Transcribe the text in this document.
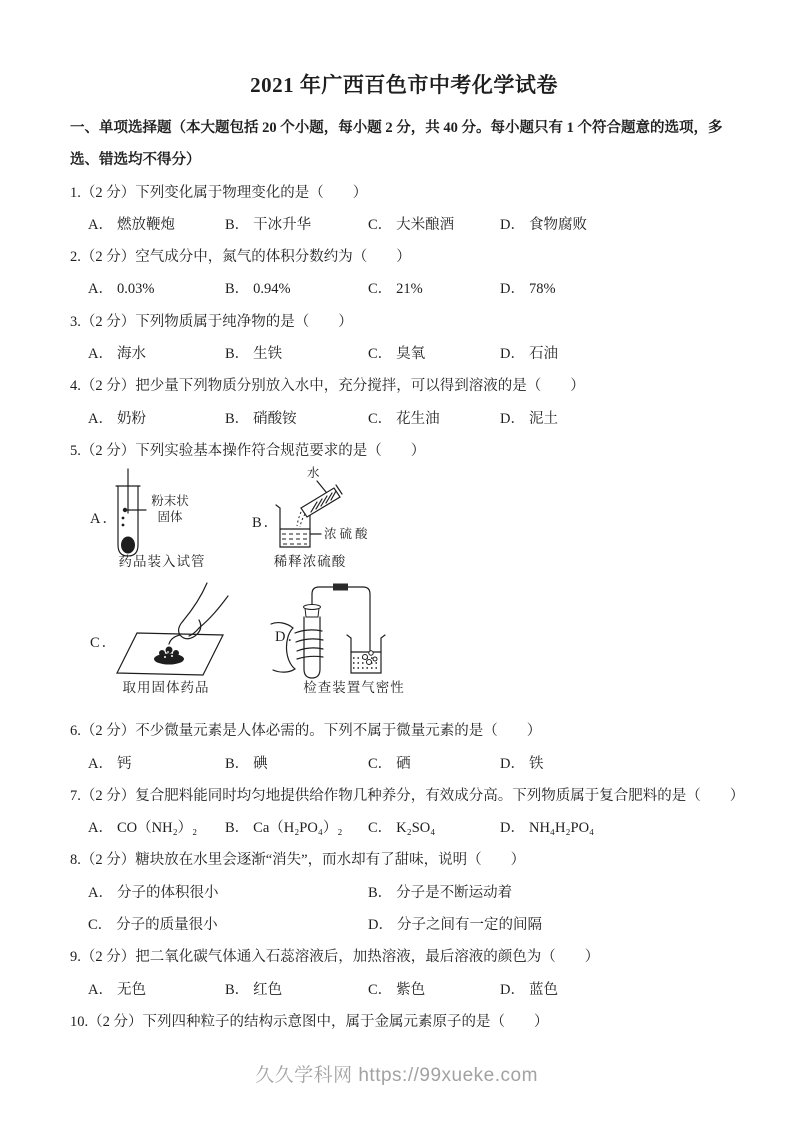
2021 年广西百色市中考化学试卷

一、单项选择题（本大题包括 20 个小题，每小题 2 分，共 40 分。每小题只有 1 个符合题意的选项，多选、错选均不得分）

1.（2 分）下列变化属于物理变化的是（　　）

A． 燃放鞭炮	B． 干冰升华	C． 大米酿酒	D． 食物腐败

2.（2 分）空气成分中，氮气的体积分数约为（　　）

A． 0.03%	B． 0.94%	C． 21%	D． 78%

3.（2 分）下列物质属于纯净物的是（　　）

A． 海水	B． 生铁	C． 臭氧	D． 石油

4.（2 分）把少量下列物质分别放入水中，充分搅拌，可以得到溶液的是（　　）

A． 奶粉	B． 硝酸铵	C． 花生油	D． 泥土

5.（2 分）下列实验基本操作符合规范要求的是（　　）

A．
粉末状固体
药品装入试管
B．
水
浓硫酸
稀释浓硫酸
C．
取用固体药品
D．
检查装置气密性

6.（2 分）不少微量元素是人体必需的。下列不属于微量元素的是（　　）

A． 钙	B． 碘	C． 硒	D． 铁

7.（2 分）复合肥料能同时均匀地提供给作物几种养分，有效成分高。下列物质属于复合肥料的是（　　）

A． CO（NH₂）₂	B． Ca（H₂PO₄）₂	C． K₂SO₄	D． NH₄H₂PO₄

8.（2 分）糖块放在水里会逐渐“消失”，而水却有了甜味，说明（　　）

A． 分子的体积很小	B． 分子是不断运动着
C． 分子的质量很小	D． 分子之间有一定的间隔

9.（2 分）把二氧化碳气体通入石蕊溶液后，加热溶液，最后溶液的颜色为（　　）

A． 无色	B． 红色	C． 紫色	D． 蓝色

10.（2 分）下列四种粒子的结构示意图中，属于金属元素原子的是（　　）

久久学科网 https://99xueke.com
